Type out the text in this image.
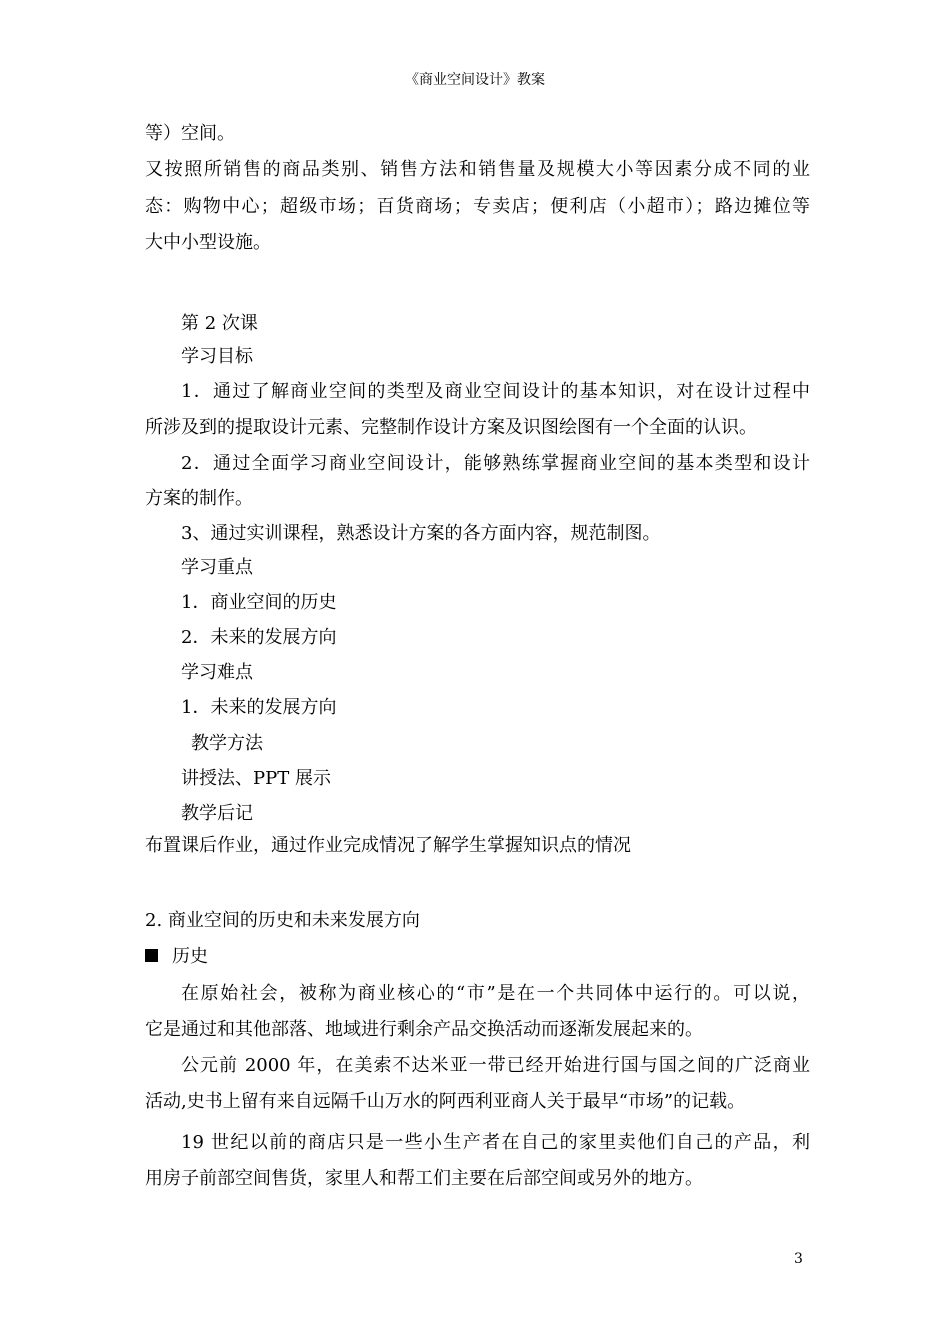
《商业空间设计》教案
等）空间。
又按照所销售的商品类别、销售方法和销售量及规模大小等因素分成不同的业
态：购物中心；超级市场；百货商场；专卖店；便利店（小超市）；路边摊位等
大中小型设施。
第 2 次课
学习目标
1．通过了解商业空间的类型及商业空间设计的基本知识，对在设计过程中
所涉及到的提取设计元素、完整制作设计方案及识图绘图有一个全面的认识。
2．通过全面学习商业空间设计，能够熟练掌握商业空间的基本类型和设计
方案的制作。
3、通过实训课程，熟悉设计方案的各方面内容，规范制图。
学习重点
1．商业空间的历史
2．未来的发展方向
学习难点
1．未来的发展方向
教学方法
讲授法、PPT 展示
教学后记
布置课后作业，通过作业完成情况了解学生掌握知识点的情况
2. 商业空间的历史和未来发展方向
历史
在原始社会，被称为商业核心的“市”是在一个共同体中运行的。可以说，
它是通过和其他部落、地域进行剩余产品交换活动而逐渐发展起来的。
公元前 2000 年，在美索不达米亚一带已经开始进行国与国之间的广泛商业
活动,史书上留有来自远隔千山万水的阿西利亚商人关于最早“市场”的记载。
19 世纪以前的商店只是一些小生产者在自己的家里卖他们自己的产品，利
用房子前部空间售货，家里人和帮工们主要在后部空间或另外的地方。
3
